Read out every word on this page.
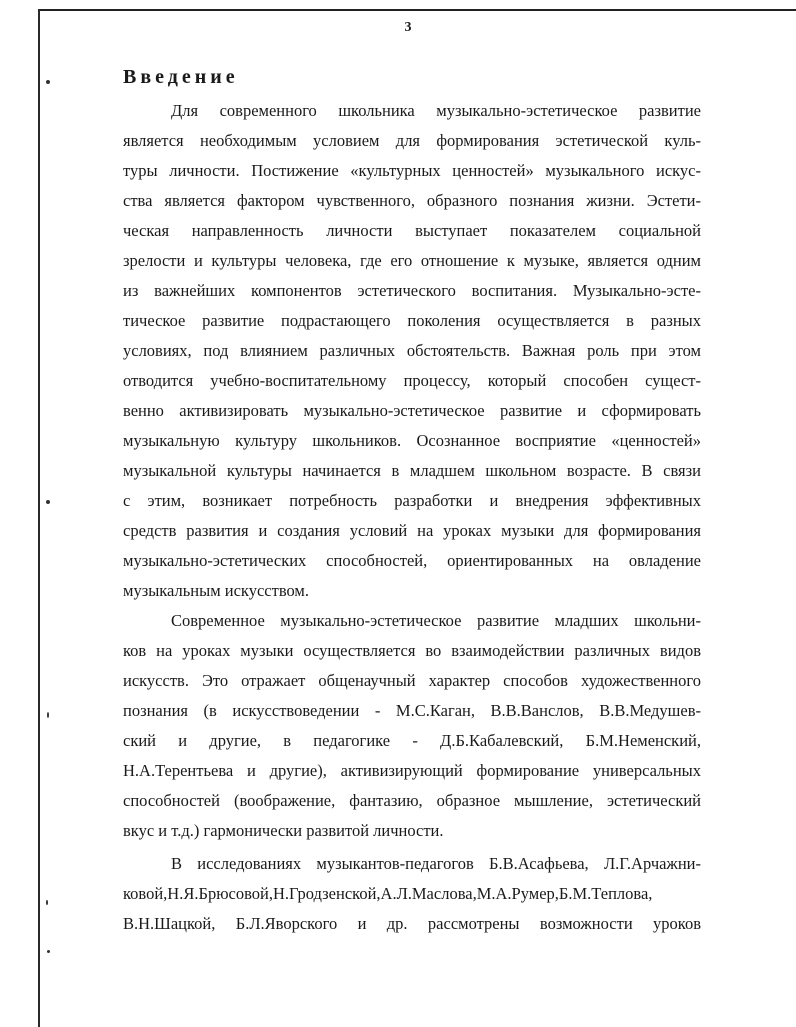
3
Введение
Для современного школьника музыкально-эстетическое развитие
является необходимым условием для формирования эстетической куль-
туры личности. Постижение «культурных ценностей» музыкального искус-
ства является фактором чувственного, образного познания жизни. Эстети-
ческая направленность личности выступает показателем социальной
зрелости и культуры человека, где его отношение к музыке, является одним
из важнейших компонентов эстетического воспитания. Музыкально-эсте-
тическое развитие подрастающего поколения осуществляется в разных
условиях, под влиянием различных обстоятельств. Важная роль при этом
отводится учебно-воспитательному процессу, который способен сущест-
венно активизировать музыкально-эстетическое развитие и сформировать
музыкальную культуру школьников. Осознанное восприятие «ценностей»
музыкальной культуры начинается в младшем школьном возрасте. В связи
с этим, возникает потребность разработки и внедрения эффективных
средств развития и создания условий на уроках музыки для формирования
музыкально-эстетических способностей, ориентированных на овладение
музыкальным искусством.
Современное музыкально-эстетическое развитие младших школьни-
ков на уроках музыки осуществляется во взаимодействии различных видов
искусств. Это отражает общенаучный характер способов художественного
познания (в искусствоведении - М.С.Каган, В.В.Ванслов, В.В.Медушев-
ский и другие, в педагогике - Д.Б.Кабалевский, Б.М.Неменский,
Н.А.Терентьева и другие), активизирующий формирование универсальных
способностей (воображение, фантазию, образное мышление, эстетический
вкус и т.д.) гармонически развитой личности.
В исследованиях музыкантов-педагогов Б.В.Асафьева, Л.Г.Арчажни-
ковой,Н.Я.Брюсовой,Н.Гродзенской,А.Л.Маслова,М.А.Румер,Б.М.Теплова,
В.Н.Шацкой, Б.Л.Яворского и др. рассмотрены возможности уроков
